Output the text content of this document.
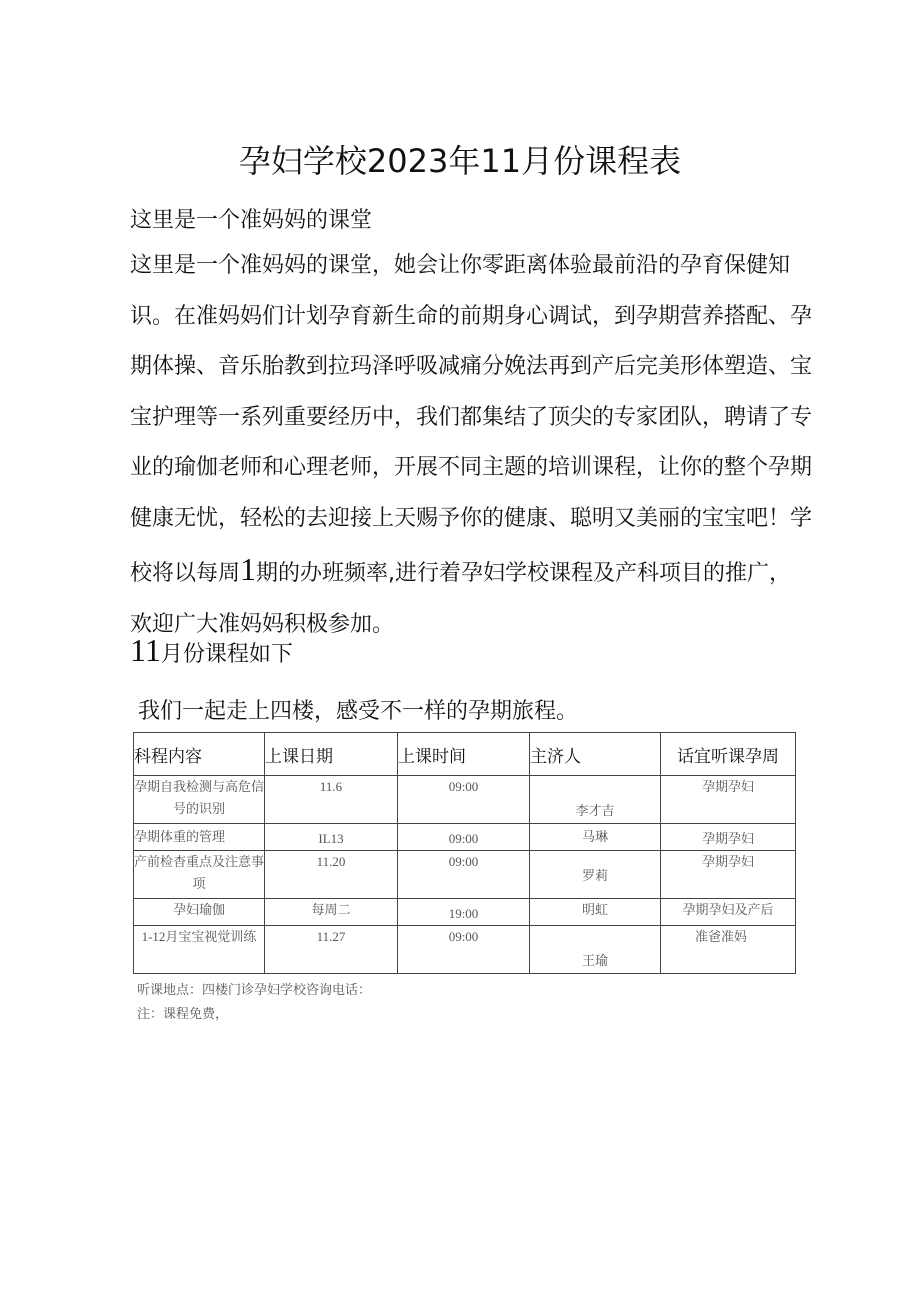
孕妇学校2023年11月份课程表

这里是一个准妈妈的课堂

这里是一个准妈妈的课堂，她会让你零距离体验最前沿的孕育保健知识。在准妈妈们计划孕育新生命的前期身心调试，到孕期营养搭配、孕期体操、音乐胎教到拉玛泽呼吸减痛分娩法再到产后完美形体塑造、宝宝护理等一系列重要经历中，我们都集结了顶尖的专家团队，聘请了专业的瑜伽老师和心理老师，开展不同主题的培训课程，让你的整个孕期健康无忧，轻松的去迎接上天赐予你的健康、聪明又美丽的宝宝吧！学校将以每周1期的办班频率,进行着孕妇学校课程及产科项目的推广，欢迎广大准妈妈积极参加。

11月份课程如下

我们一起走上四楼，感受不一样的孕期旅程。

科程内容	上课日期	上课时间	主济人	话宜听课孕周
孕期自我检测与高危信号的识别	11.6	09:00	李才吉	孕期孕妇

孕期体重的管理	IL13	09:00	马琳	孕期孕妇

产前检杳重点及注意事项	11.20	09:00	罗莉	孕期孕妇
孕妇瑜伽	每周二	19:00	明虹	孕期孕妇及产后
1-12月宝宝视觉训练	11.27	09:00	王瑜	准爸准妈
听课地点：四楼门诊孕妇学校咨询电话：
注：课程免费，
